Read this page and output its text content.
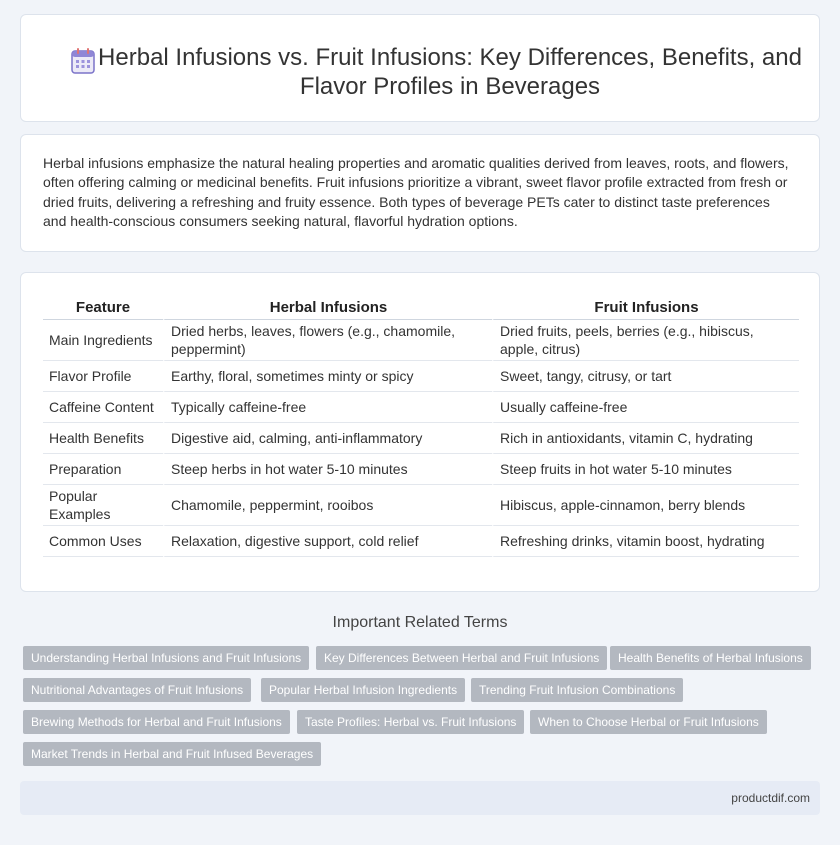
Herbal Infusions vs. Fruit Infusions: Key Differences, Benefits, and Flavor Profiles in Beverages

Herbal infusions emphasize the natural healing properties and aromatic qualities derived from leaves, roots, and flowers, often offering calming or medicinal benefits. Fruit infusions prioritize a vibrant, sweet flavor profile extracted from fresh or dried fruits, delivering a refreshing and fruity essence. Both types of beverage PETs cater to distinct taste preferences and health-conscious consumers seeking natural, flavorful hydration options.

Feature	Herbal Infusions	Fruit Infusions
Main Ingredients	Dried herbs, leaves, flowers (e.g., chamomile, peppermint)	Dried fruits, peels, berries (e.g., hibiscus, apple, citrus)
Flavor Profile	Earthy, floral, sometimes minty or spicy	Sweet, tangy, citrusy, or tart
Caffeine Content	Typically caffeine-free	Usually caffeine-free
Health Benefits	Digestive aid, calming, anti-inflammatory	Rich in antioxidants, vitamin C, hydrating
Preparation	Steep herbs in hot water 5-10 minutes	Steep fruits in hot water 5-10 minutes
Popular Examples	Chamomile, peppermint, rooibos	Hibiscus, apple-cinnamon, berry blends
Common Uses	Relaxation, digestive support, cold relief	Refreshing drinks, vitamin boost, hydrating
Important Related Terms
Understanding Herbal Infusions and Fruit Infusions	Key Differences Between Herbal and Fruit Infusions	Health Benefits of Herbal Infusions
Nutritional Advantages of Fruit Infusions	Popular Herbal Infusion Ingredients	Trending Fruit Infusion Combinations
Brewing Methods for Herbal and Fruit Infusions	Taste Profiles: Herbal vs. Fruit Infusions	When to Choose Herbal or Fruit Infusions
Market Trends in Herbal and Fruit Infused Beverages
productdif.com
